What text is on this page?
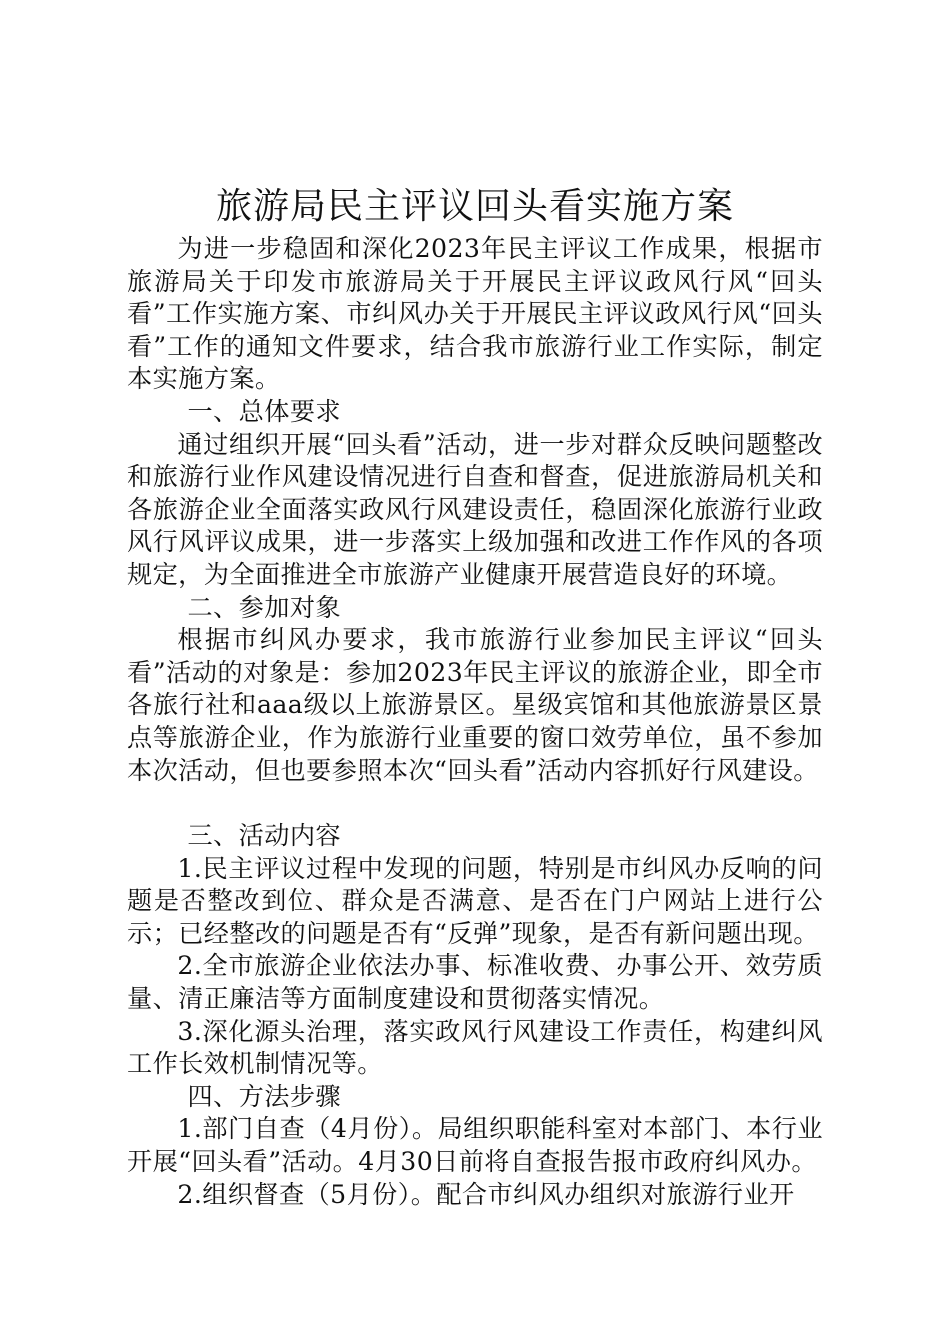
旅游局民主评议回头看实施方案

为进一步稳固和深化2023年民主评议工作成果，根据市旅游局关于印发市旅游局关于开展民主评议政风行风“回头看”工作实施方案、市纠风办关于开展民主评议政风行风“回头看”工作的通知文件要求，结合我市旅游行业工作实际，制定本实施方案。

一、总体要求

通过组织开展“回头看”活动，进一步对群众反映问题整改和旅游行业作风建设情况进行自查和督查，促进旅游局机关和各旅游企业全面落实政风行风建设责任，稳固深化旅游行业政风行风评议成果，进一步落实上级加强和改进工作作风的各项规定，为全面推进全市旅游产业健康开展营造良好的环境。

二、参加对象

根据市纠风办要求，我市旅游行业参加民主评议“回头看”活动的对象是：参加2023年民主评议的旅游企业，即全市各旅行社和aaa级以上旅游景区。星级宾馆和其他旅游景区景点等旅游企业，作为旅游行业重要的窗口效劳单位，虽不参加本次活动，但也要参照本次“回头看”活动内容抓好行风建设。

三、活动内容

1.民主评议过程中发现的问题，特别是市纠风办反响的问题是否整改到位、群众是否满意、是否在门户网站上进行公示；已经整改的问题是否有“反弹”现象，是否有新问题出现。

2.全市旅游企业依法办事、标准收费、办事公开、效劳质量、清正廉洁等方面制度建设和贯彻落实情况。

3.深化源头治理，落实政风行风建设工作责任，构建纠风工作长效机制情况等。

四、方法步骤

1.部门自查（4月份）。局组织职能科室对本部门、本行业开展“回头看”活动。4月30日前将自查报告报市政府纠风办。

2.组织督查（5月份）。配合市纠风办组织对旅游行业开
